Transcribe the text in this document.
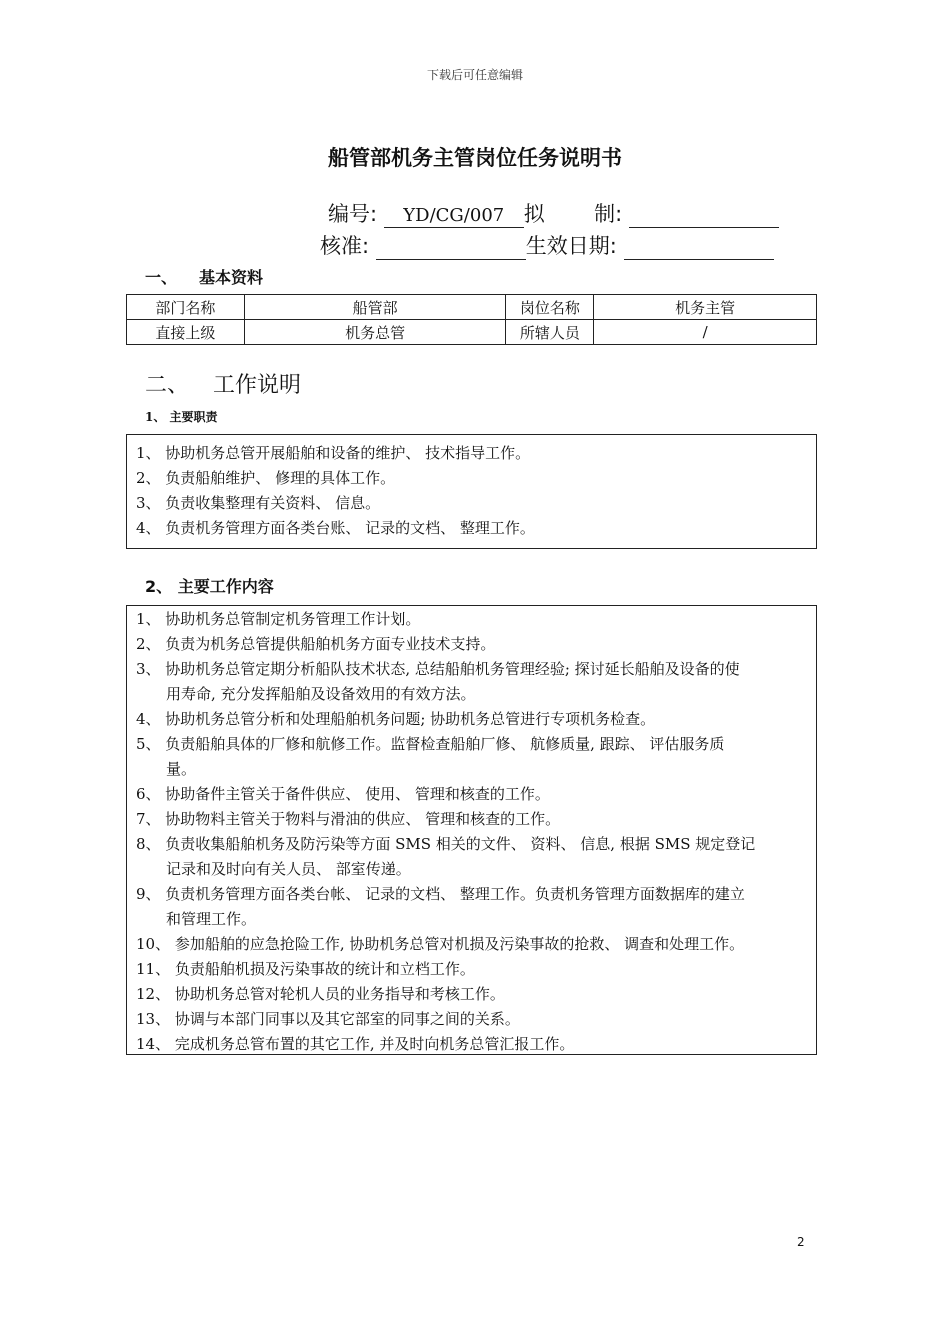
下载后可任意编辑
船管部机务主管岗位任务说明书
编号: YD/CG/007 拟 制:
核准:	生效日期:
一、 基本资料
部门名称	船管部	岗位名称	机务主管
直接上级	机务总管	所辖人员	/
二、 工作说明
1、 主要职责
1、 协助机务总管开展船舶和设备的维护、 技术指导工作。
2、 负责船舶维护、 修理的具体工作。
3、 负责收集整理有关资料、 信息。
4、 负责机务管理方面各类台账、 记录的文档、 整理工作。
2、 主要工作内容
1、 协助机务总管制定机务管理工作计划。
2、 负责为机务总管提供船舶机务方面专业技术支持。
3、 协助机务总管定期分析船队技术状态, 总结船舶机务管理经验; 探讨延长船舶及设备的使
用寿命, 充分发挥船舶及设备效用的有效方法。
4、 协助机务总管分析和处理船舶机务问题; 协助机务总管进行专项机务检查。
5、 负责船舶具体的厂修和航修工作。监督检查船舶厂修、 航修质量, 跟踪、 评估服务质
量。
6、 协助备件主管关于备件供应、 使用、 管理和核查的工作。
7、 协助物料主管关于物料与滑油的供应、 管理和核查的工作。
8、 负责收集船舶机务及防污染等方面 SMS 相关的文件、 资料、 信息, 根据 SMS 规定登记
记录和及时向有关人员、 部室传递。
9、 负责机务管理方面各类台帐、 记录的文档、 整理工作。负责机务管理方面数据库的建立
和管理工作。
10、 参加船舶的应急抢险工作, 协助机务总管对机损及污染事故的抢救、 调查和处理工作。
11、 负责船舶机损及污染事故的统计和立档工作。
12、 协助机务总管对轮机人员的业务指导和考核工作。
13、 协调与本部门同事以及其它部室的同事之间的关系。
14、 完成机务总管布置的其它工作, 并及时向机务总管汇报工作。
2
